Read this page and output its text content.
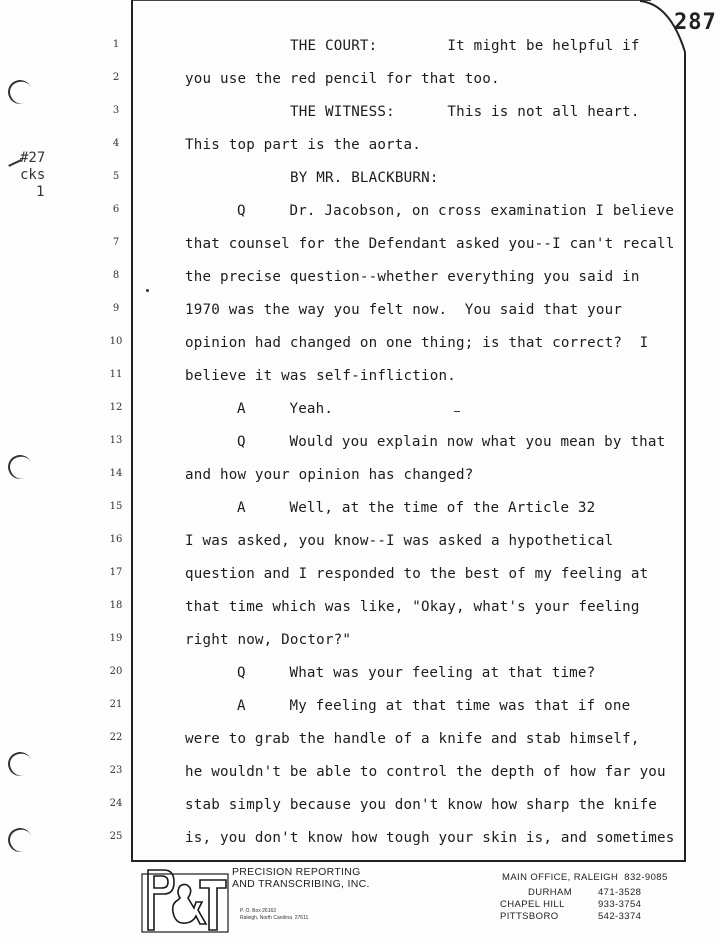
287
#27
cks
1
1
2
3
4
5
6
7
8
9
10
11
12
13
14
15
16
17
18
19
20
21
22
23
24
25
THE COURT:        It might be helpful if
you use the red pencil for that too.
THE WITNESS:      This is not all heart.
This top part is the aorta.
BY MR. BLACKBURN:
Q     Dr. Jacobson, on cross examination I believe
that counsel for the Defendant asked you--I can't recall
the precise question--whether everything you said in
1970 was the way you felt now.  You said that your
opinion had changed on one thing; is that correct?  I
believe it was self-infliction.
A     Yeah.
Q     Would you explain now what you mean by that
and how your opinion has changed?
A     Well, at the time of the Article 32
I was asked, you know--I was asked a hypothetical
question and I responded to the best of my feeling at
that time which was like, "Okay, what's your feeling
right now, Doctor?"
Q     What was your feeling at that time?
A     My feeling at that time was that if one
were to grab the handle of a knife and stab himself,
he wouldn't be able to control the depth of how far you
stab simply because you don't know how sharp the knife
is, you don't know how tough your skin is, and sometimes
PRECISION REPORTING
AND TRANSCRIBING, INC.
P. O. Box 26163
Raleigh, North Carolina  27611
MAIN OFFICE, RALEIGH  832-9085
DURHAM	471-3528
CHAPEL HILL	933-3754
PITTSBORO	542-3374
